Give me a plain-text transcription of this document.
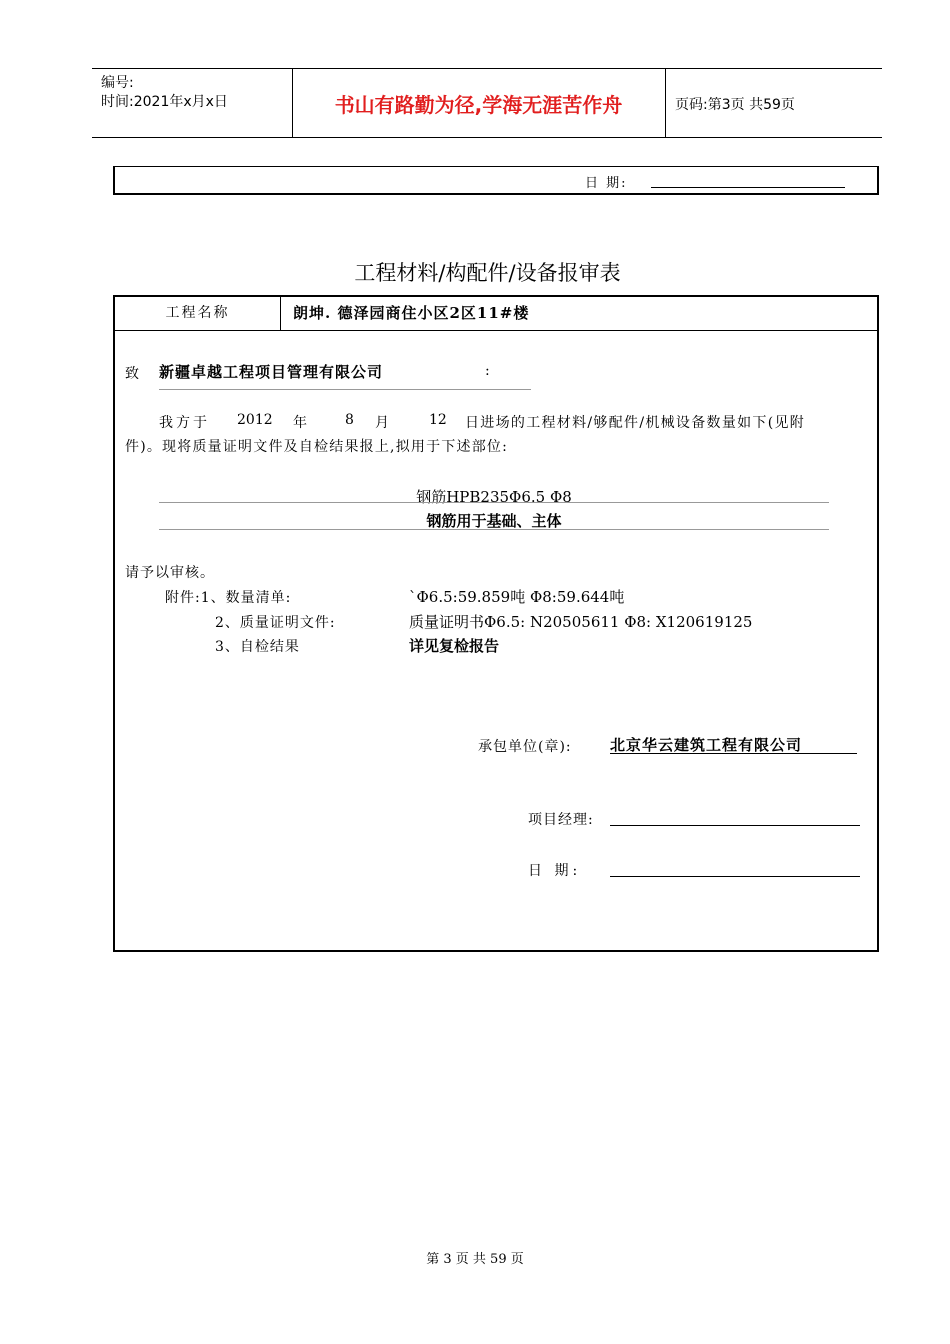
编号:
时间:2021年x月x日	书山有路勤为径,学海无涯苦作舟	页码:第3页 共59页
日 期:
工程材料/构配件/设备报审表
工程名称	朗坤. 德泽园商住小区2区11#楼
致 新疆卓越工程项目管理有限公司	:
我方于 2012 年	8 月	12 日进场的工程材料/够配件/机械设备数量如下(见附
件)。现将质量证明文件及自检结果报上,拟用于下述部位:
钢筋HPB235Φ6.5 Φ8
钢筋用于基础、主体
请予以审核。
附件:1、数量清单:	`Φ6.5:59.859吨 Φ8:59.644吨
2、质量证明文件:	质量证明书Φ6.5: N20505611 Φ8: X120619125
3、自检结果	详见复检报告
承包单位(章):	北京华云建筑工程有限公司
项目经理:
日 期:
第 3 页 共 59 页
